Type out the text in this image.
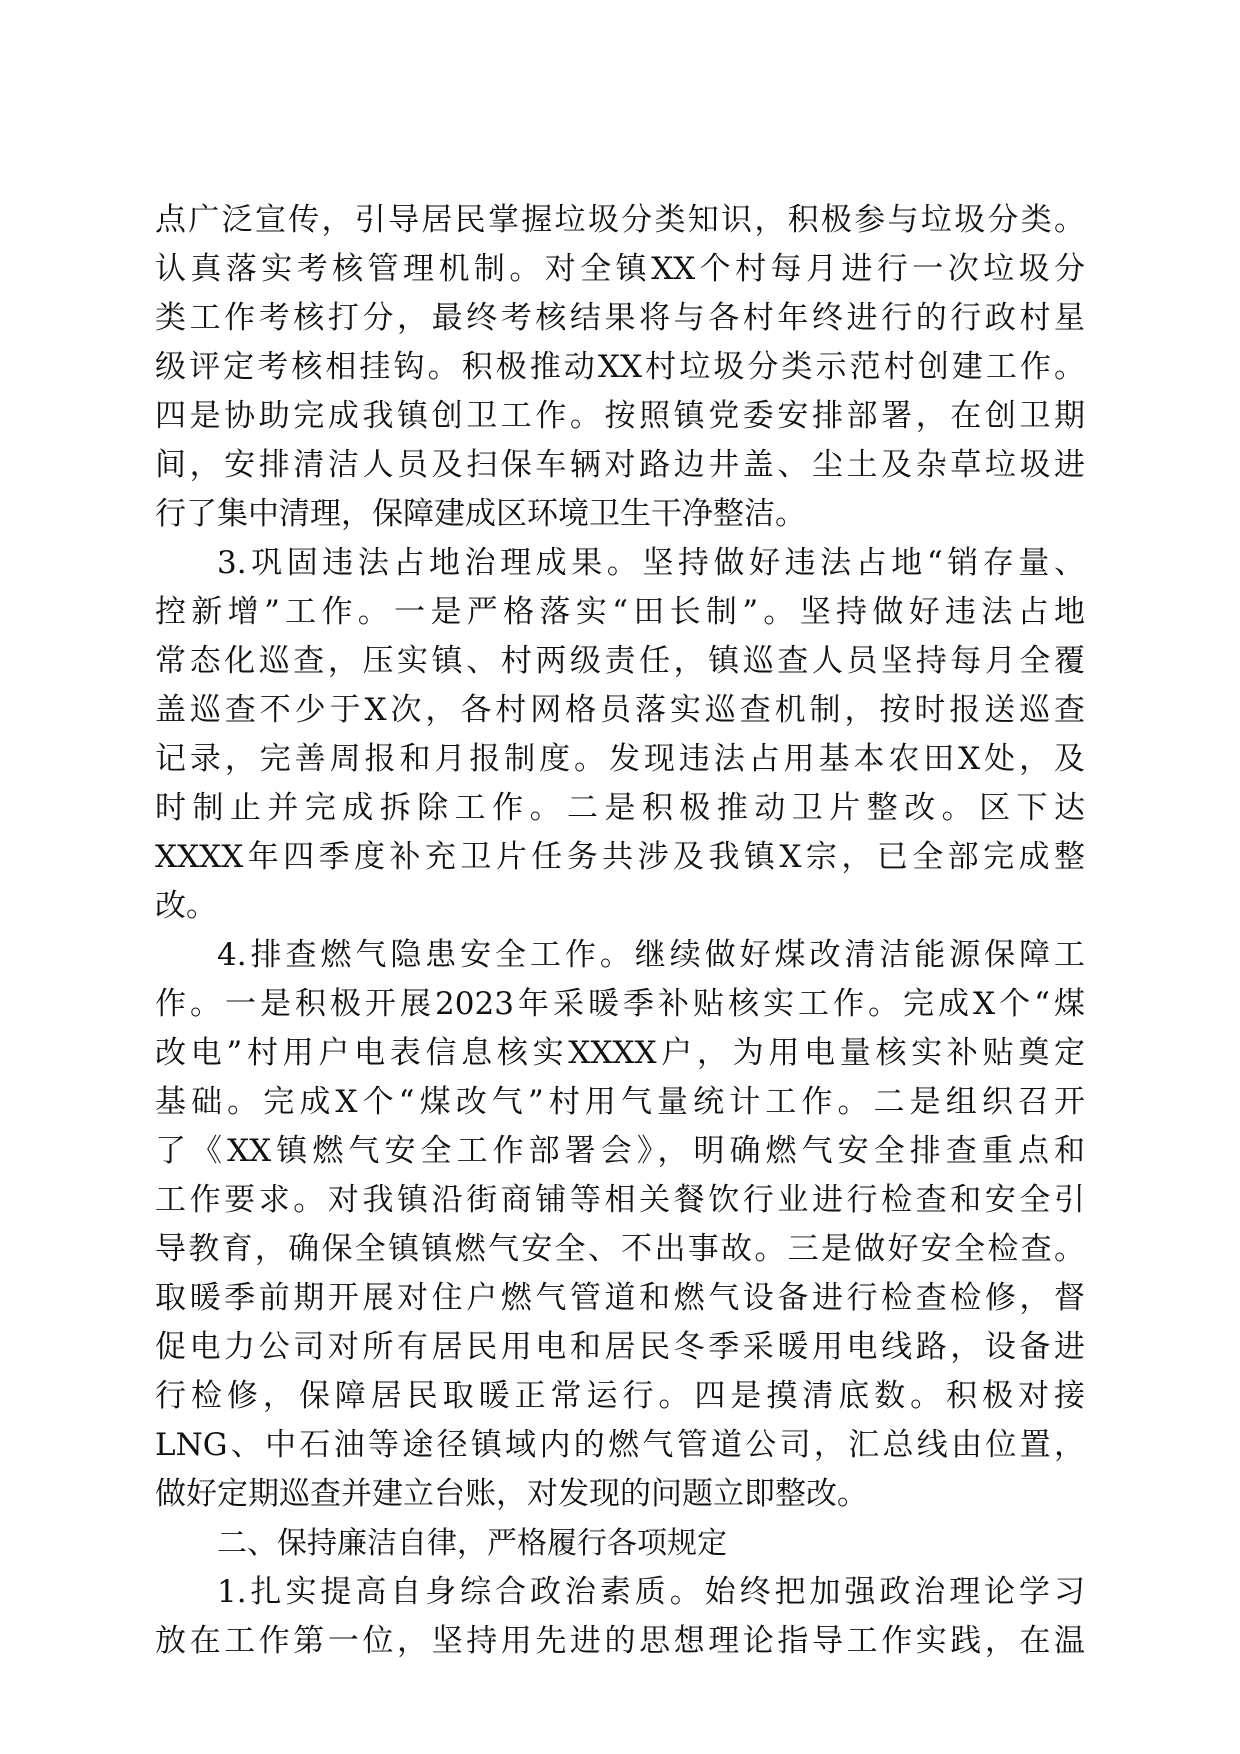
点广泛宣传，引导居民掌握垃圾分类知识，积极参与垃圾分类。
认真落实考核管理机制。对全镇XX个村每月进行一次垃圾分
类工作考核打分，最终考核结果将与各村年终进行的行政村星
级评定考核相挂钩。积极推动XX村垃圾分类示范村创建工作。
四是协助完成我镇创卫工作。按照镇党委安排部署，在创卫期
间，安排清洁人员及扫保车辆对路边井盖、尘土及杂草垃圾进
行了集中清理，保障建成区环境卫生干净整洁。
3.巩固违法占地治理成果。坚持做好违法占地“销存量、
控新增”工作。一是严格落实“田长制”。坚持做好违法占地
常态化巡查，压实镇、村两级责任，镇巡查人员坚持每月全覆
盖巡查不少于X次，各村网格员落实巡查机制，按时报送巡查
记录，完善周报和月报制度。发现违法占用基本农田X处，及
时制止并完成拆除工作。二是积极推动卫片整改。区下达
XXXX年四季度补充卫片任务共涉及我镇X宗，已全部完成整
改。
4.排查燃气隐患安全工作。继续做好煤改清洁能源保障工
作。一是积极开展2023年采暖季补贴核实工作。完成X个“煤
改电”村用户电表信息核实XXXX户，为用电量核实补贴奠定
基础。完成X个“煤改气”村用气量统计工作。二是组织召开
了《XX镇燃气安全工作部署会》，明确燃气安全排查重点和
工作要求。对我镇沿街商铺等相关餐饮行业进行检查和安全引
导教育，确保全镇镇燃气安全、不出事故。三是做好安全检查。
取暖季前期开展对住户燃气管道和燃气设备进行检查检修，督
促电力公司对所有居民用电和居民冬季采暖用电线路，设备进
行检修，保障居民取暖正常运行。四是摸清底数。积极对接
LNG、中石油等途径镇域内的燃气管道公司，汇总线由位置，
做好定期巡查并建立台账，对发现的问题立即整改。
二、保持廉洁自律，严格履行各项规定
1.扎实提高自身综合政治素质。始终把加强政治理论学习
放在工作第一位，坚持用先进的思想理论指导工作实践，在温
